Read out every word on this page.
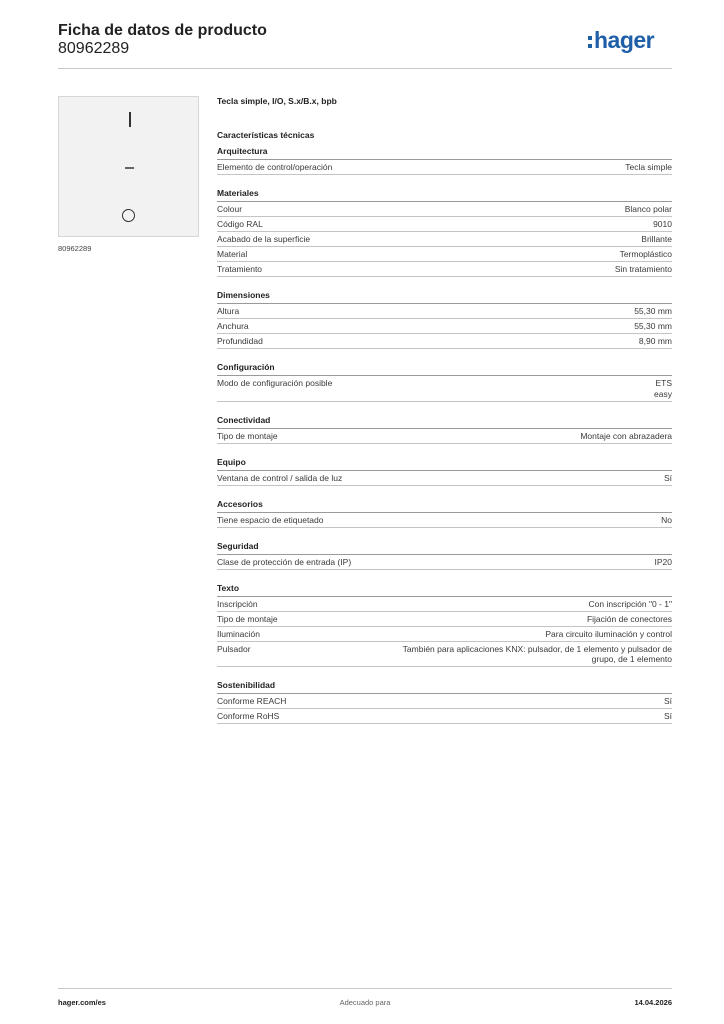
Ficha de datos de producto
80962289	hager
80962289
Tecla simple, I/O, S.x/B.x, bpb
Características técnicas
Arquitectura
Elemento de control/operación	Tecla simple
Materiales
Colour	Blanco polar
Código RAL	9010
Acabado de la superficie	Brillante
Material	Termoplástico
Tratamiento	Sin tratamiento
Dimensiones
Altura	55,30 mm
Anchura	55,30 mm
Profundidad	8,90 mm
Configuración
Modo de configuración posible	ETS
easy
Conectividad
Tipo de montaje	Montaje con abrazadera
Equipo
Ventana de control / salida de luz	Sí
Accesorios
Tiene espacio de etiquetado	No
Seguridad
Clase de protección de entrada (IP)	IP20
Texto
Inscripción	Con inscripción "0 - 1"
Tipo de montaje	Fijación de conectores
Iluminación	Para circuito iluminación y control
Pulsador	También para aplicaciones KNX: pulsador, de 1 elemento y pulsador de
grupo, de 1 elemento
Sostenibilidad
Conforme REACH	Sí
Conforme RoHS	Sí
hager.com/es	Adecuado para	14.04.2026
